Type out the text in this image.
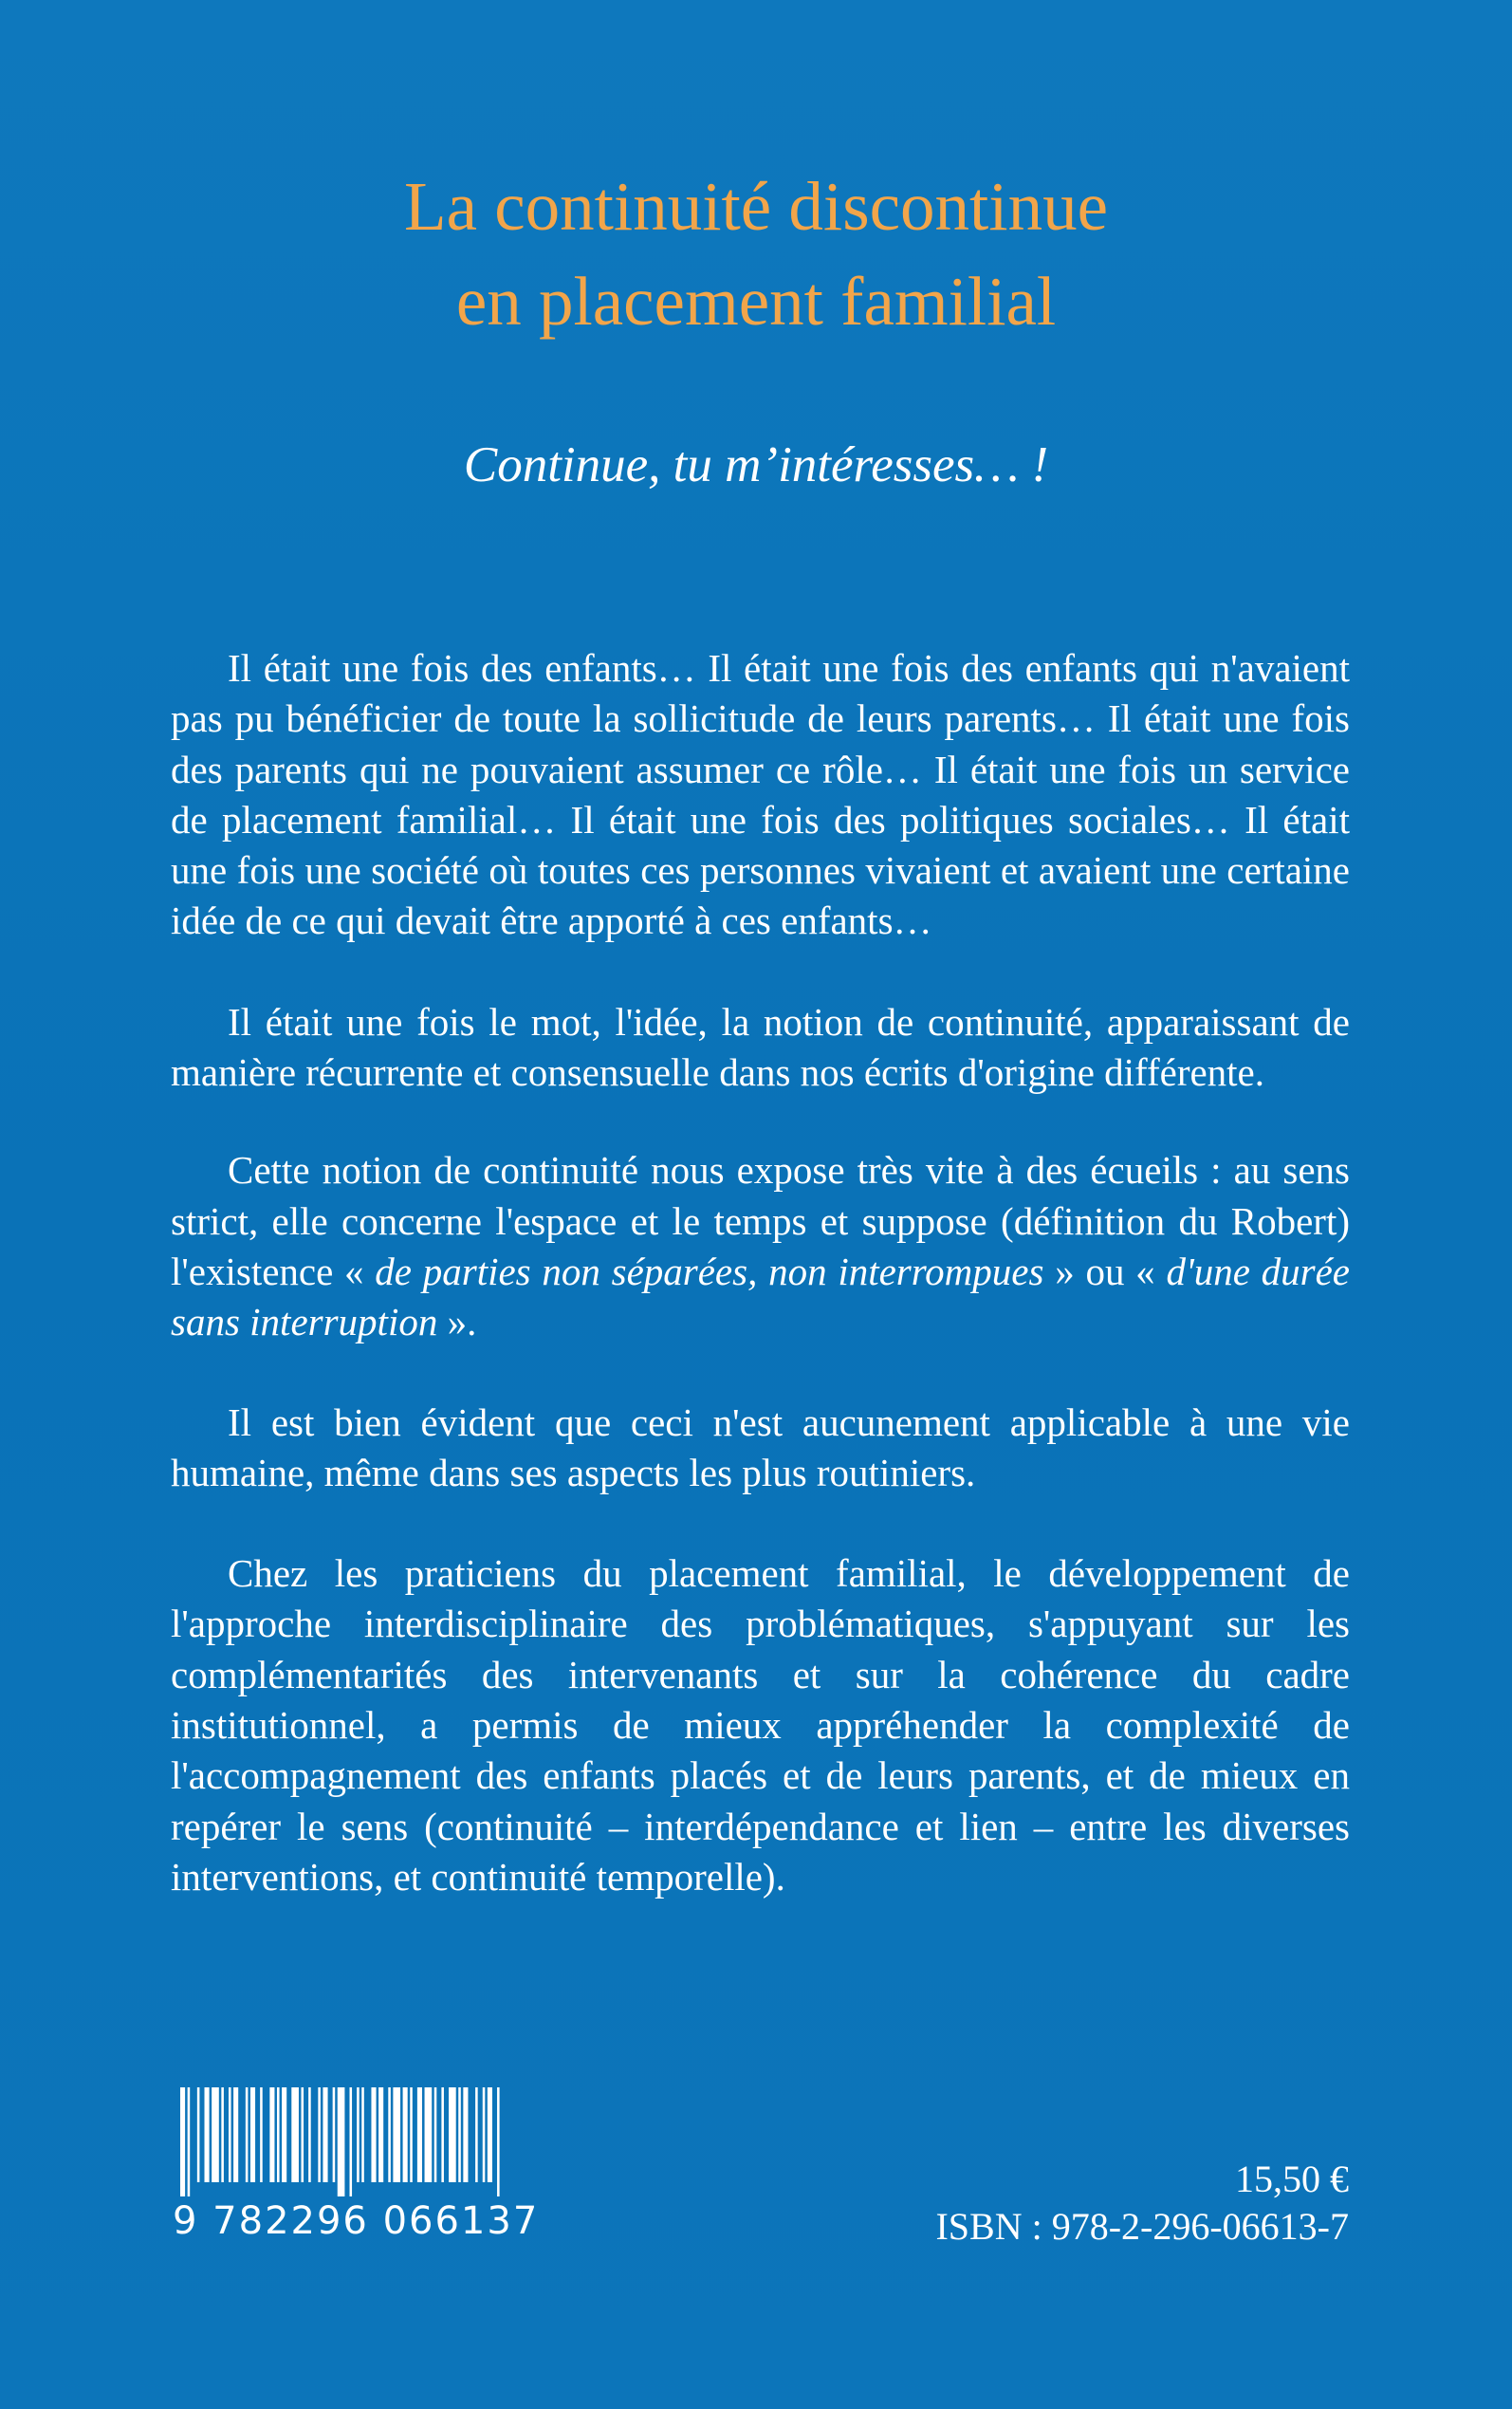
La continuité discontinue
en placement familial
Continue, tu m’intéresses… !

Il était une fois des enfants… Il était une fois des enfants qui n'avaient pas pu bénéficier de toute la sollicitude de leurs parents… Il était une fois des parents qui ne pouvaient assumer ce rôle… Il était une fois un service de placement familial… Il était une fois des politiques sociales… Il était une fois une société où toutes ces personnes vivaient et avaient une certaine idée de ce qui devait être apporté à ces enfants…

Il était une fois le mot, l'idée, la notion de continuité, apparaissant de manière récurrente et consensuelle dans nos écrits d'origine différente.

Cette notion de continuité nous expose très vite à des écueils : au sens strict, elle concerne l'espace et le temps et suppose (définition du Robert) l'existence « de parties non séparées, non interrompues » ou « d'une durée sans interruption ».

Il est bien évident que ceci n'est aucunement applicable à une vie humaine, même dans ses aspects les plus routiniers.

Chez les praticiens du placement familial, le développement de l'approche interdisciplinaire des problématiques, s'appuyant sur les complémentarités des intervenants et sur la cohérence du cadre institutionnel, a permis de mieux appréhender la complexité de l'accompagnement des enfants placés et de leurs parents, et de mieux en repérer le sens (continuité – interdépendance et lien – entre les diverses interventions, et continuité temporelle).

9 782296 066137
15,50 €
ISBN : 978-2-296-06613-7
